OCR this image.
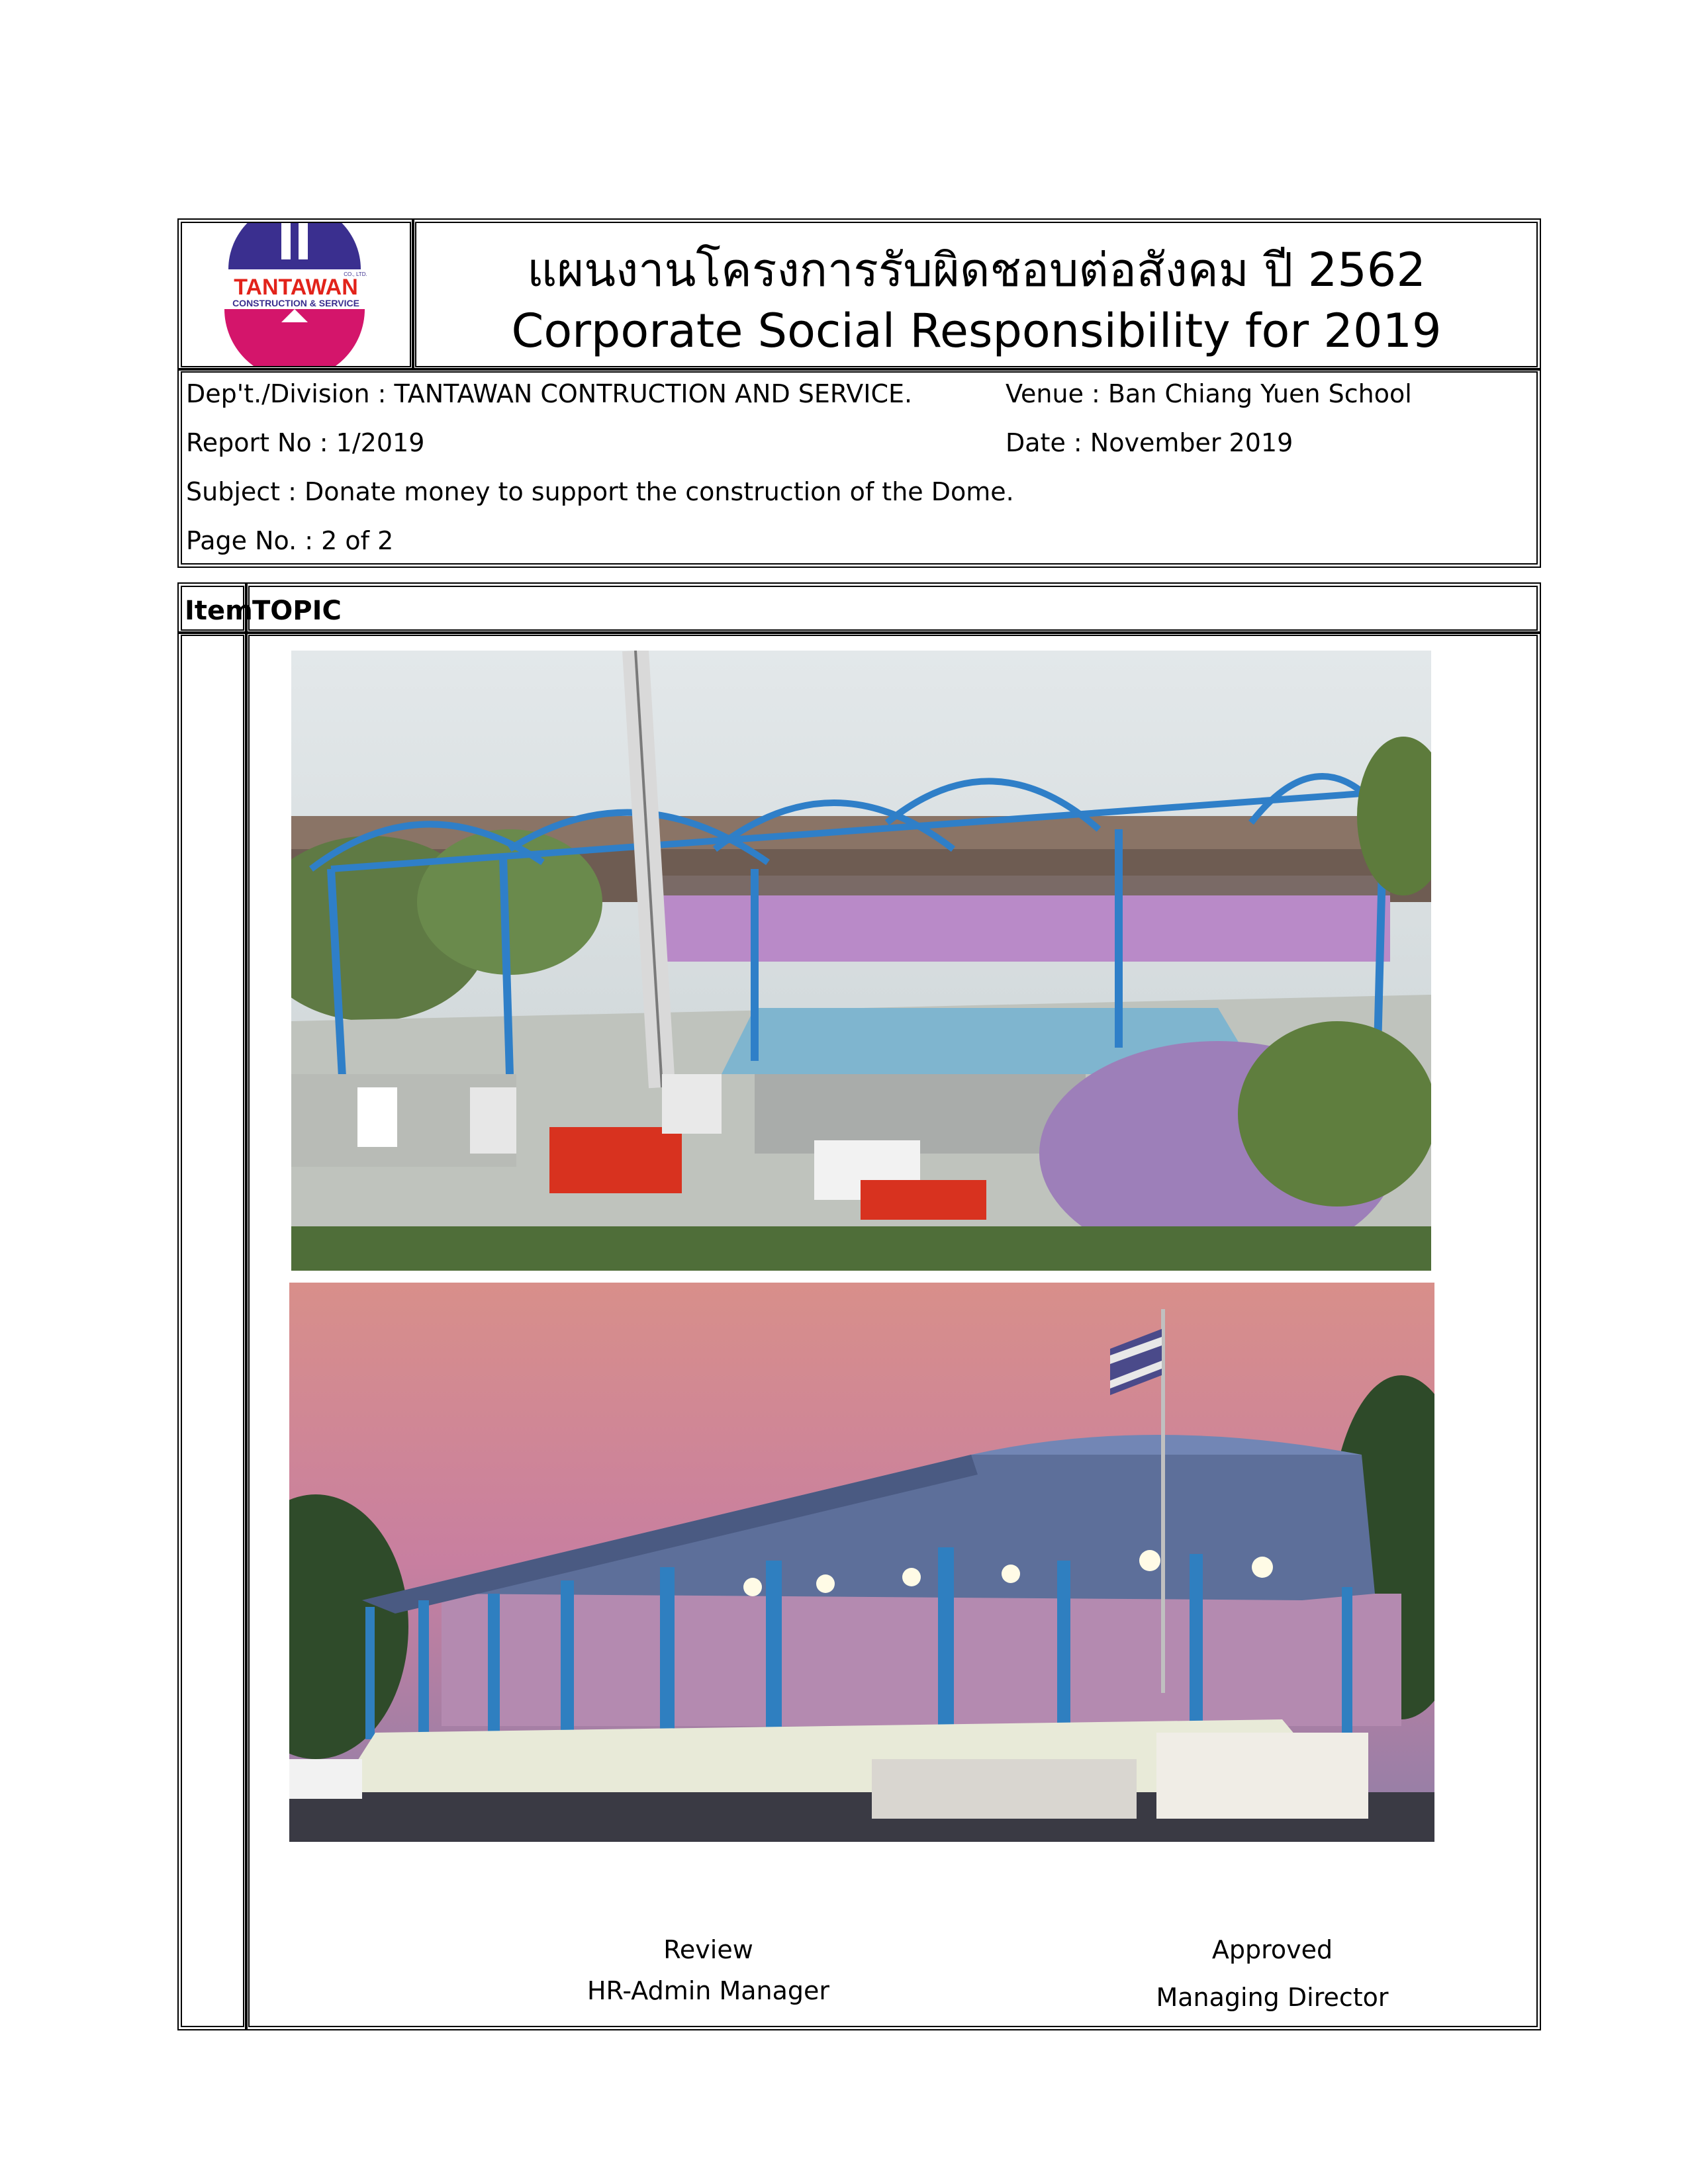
TANTAWAN
CO., LTD.
CONSTRUCTION & SERVICE
แผนงานโครงการรับผิดชอบต่อสังคม ปี 2562
Corporate Social Responsibility for 2019
Dep't./Division : TANTAWAN CONTRUCTION AND SERVICE.	Venue : Ban Chiang Yuen School
Report No : 1/2019	Date : November 2019
Subject : Donate money to support the construction of the Dome.
Page No. : 2 of 2
Item TOPIC
Review
HR-Admin Manager
Approved
Managing Director
